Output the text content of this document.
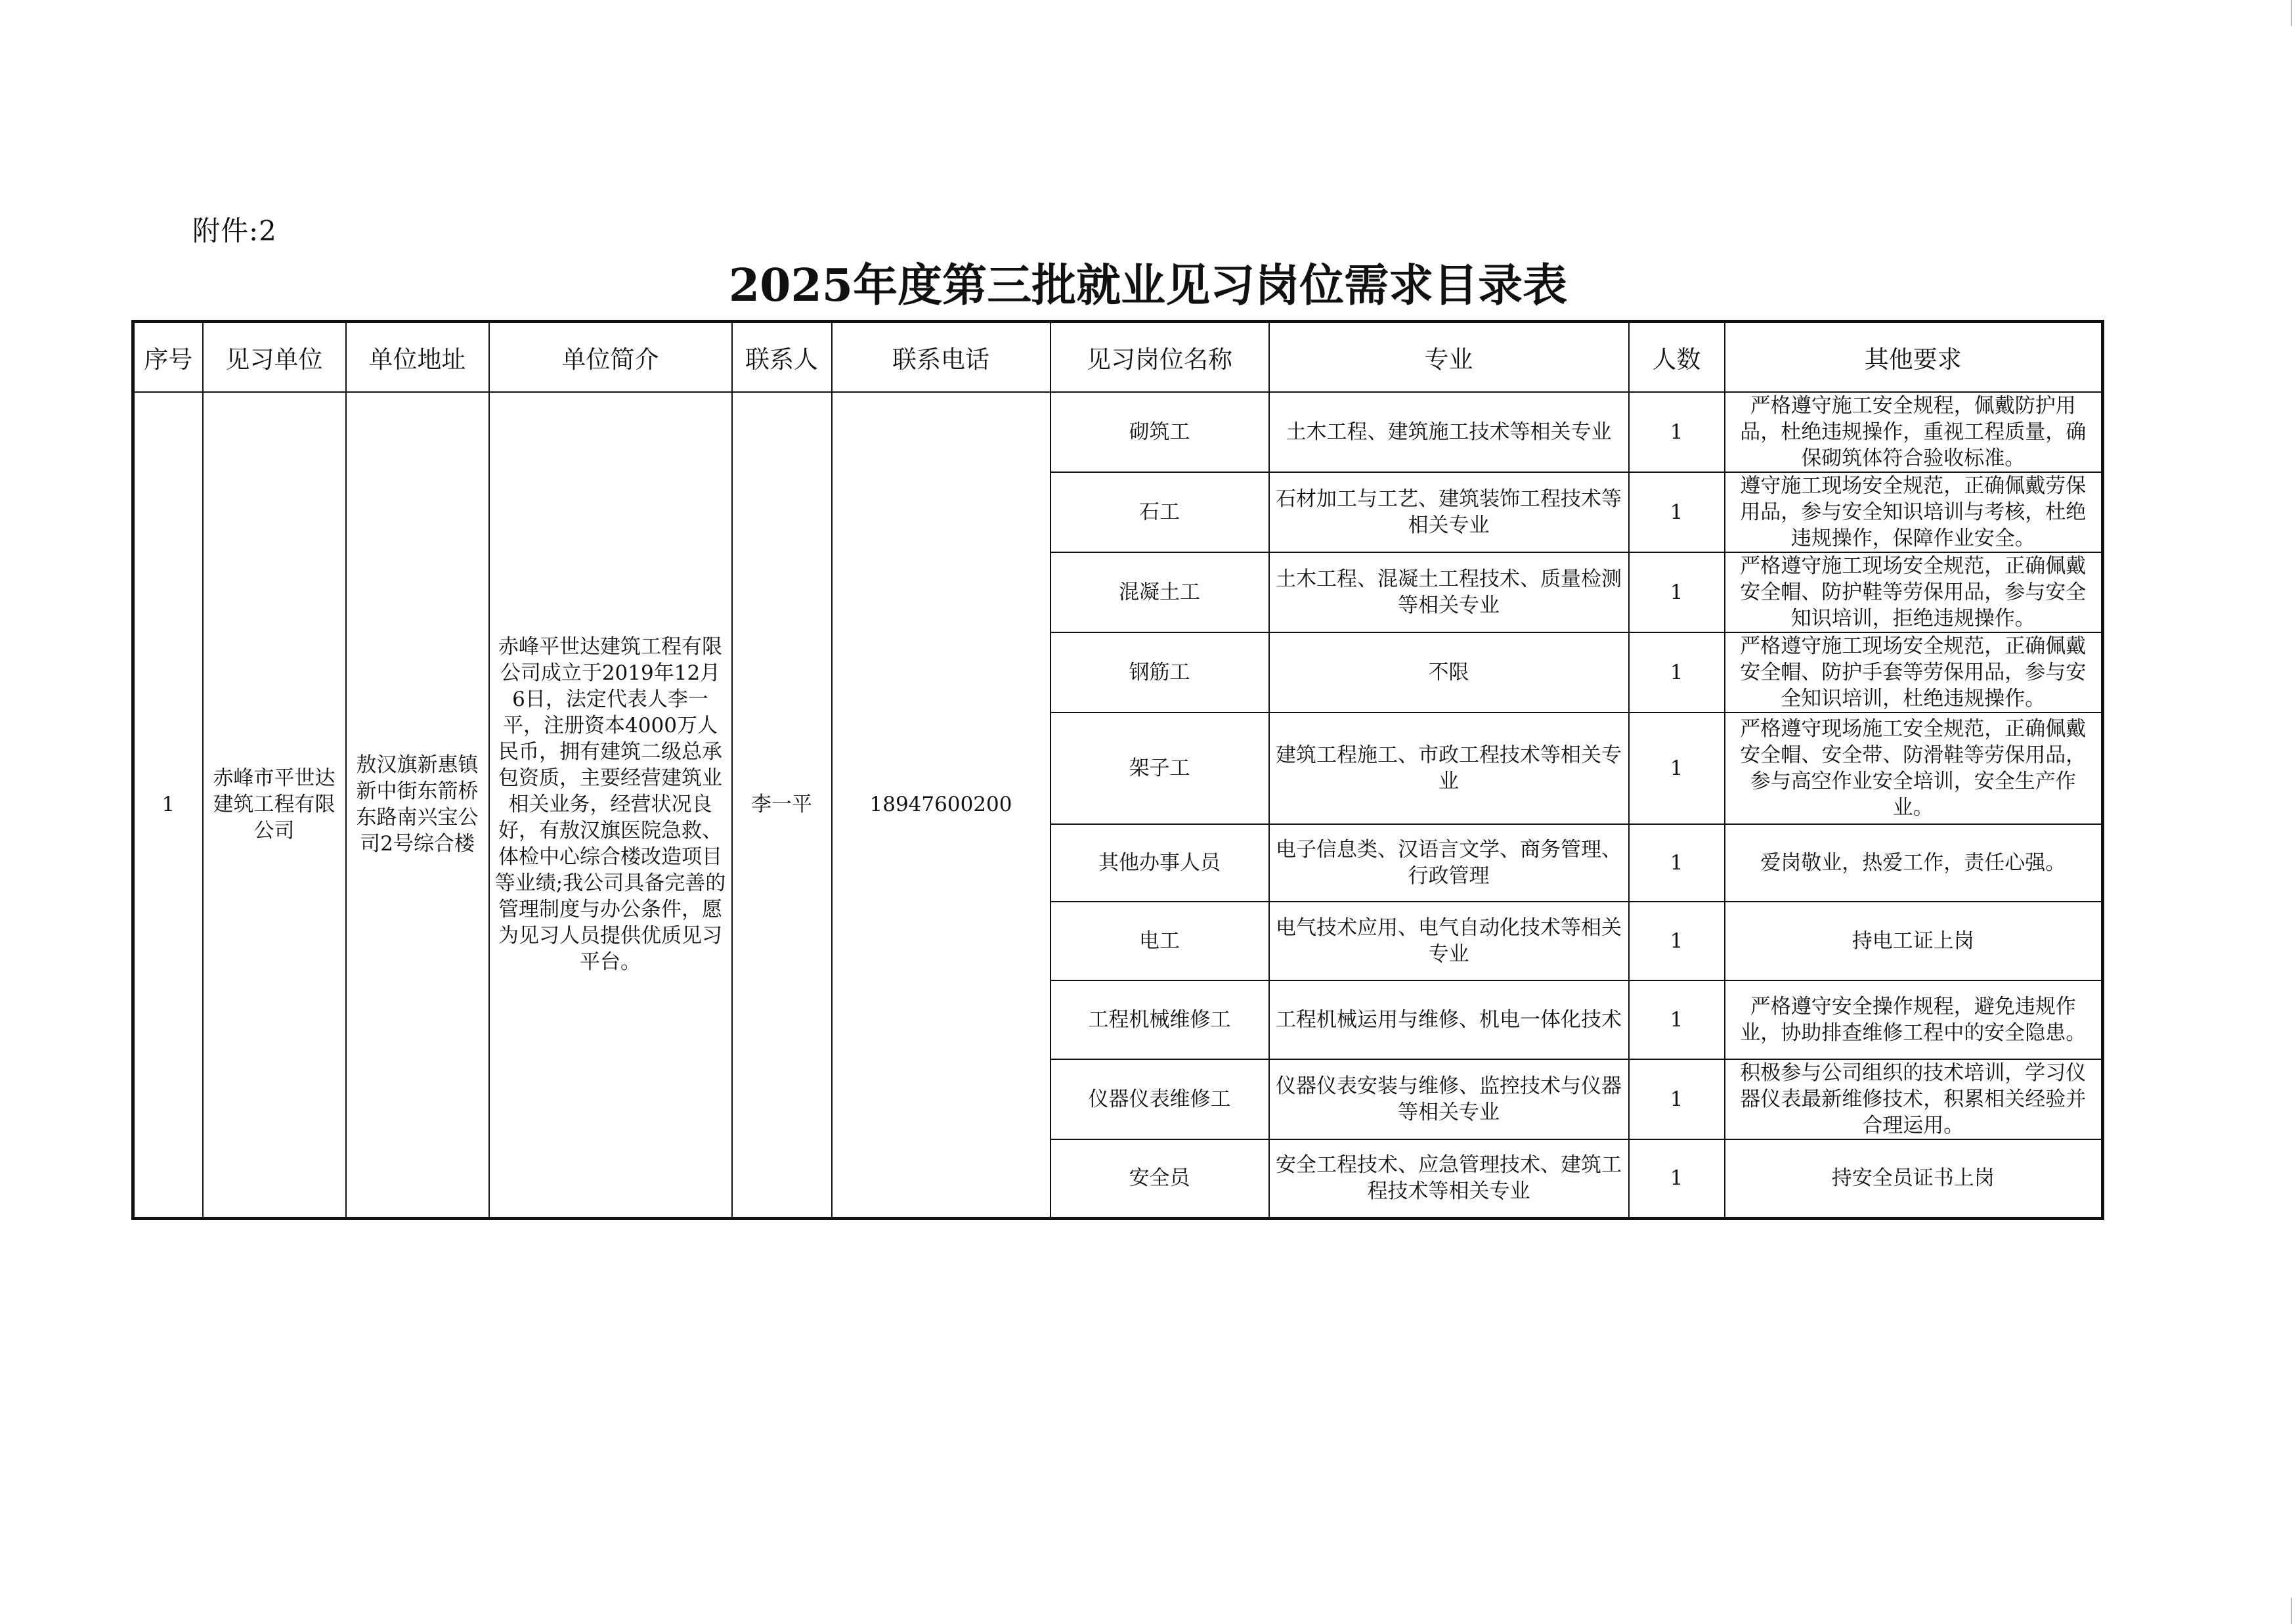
附件:2
2025年度第三批就业见习岗位需求目录表
序号	见习单位	单位地址	单位简介	联系人	联系电话	见习岗位名称	专业	人数	其他要求
1	赤峰市平世达建筑工程有限公司	敖汉旗新惠镇新中街东箭桥东路南兴宝公司2号综合楼	赤峰平世达建筑工程有限公司成立于2019年12月6日，法定代表人李一平，注册资本4000万人民币，拥有建筑二级总承包资质，主要经营建筑业相关业务，经营状况良好，有敖汉旗医院急救、体检中心综合楼改造项目等业绩;我公司具备完善的管理制度与办公条件，愿为见习人员提供优质见习平台。	李一平	18947600200	砌筑工	土木工程、建筑施工技术等相关专业	1	严格遵守施工安全规程，佩戴防护用品，杜绝违规操作，重视工程质量，确保砌筑体符合验收标准。
						石工	石材加工与工艺、建筑装饰工程技术等相关专业	1	遵守施工现场安全规范，正确佩戴劳保用品，参与安全知识培训与考核，杜绝违规操作，保障作业安全。
						混凝土工	土木工程、混凝土工程技术、质量检测等相关专业	1	严格遵守施工现场安全规范，正确佩戴安全帽、防护鞋等劳保用品，参与安全知识培训，拒绝违规操作。
						钢筋工	不限	1	严格遵守施工现场安全规范，正确佩戴安全帽、防护手套等劳保用品，参与安全知识培训，杜绝违规操作。
						架子工	建筑工程施工、市政工程技术等相关专业	1	严格遵守现场施工安全规范，正确佩戴安全帽、安全带、防滑鞋等劳保用品，参与高空作业安全培训，安全生产作业。
						其他办事人员	电子信息类、汉语言文学、商务管理、行政管理	1	爱岗敬业，热爱工作，责任心强。
						电工	电气技术应用、电气自动化技术等相关专业	1	持电工证上岗
						工程机械维修工	工程机械运用与维修、机电一体化技术	1	严格遵守安全操作规程，避免违规作业，协助排查维修工程中的安全隐患。
						仪器仪表维修工	仪器仪表安装与维修、监控技术与仪器等相关专业	1	积极参与公司组织的技术培训，学习仪器仪表最新维修技术，积累相关经验并合理运用。
						安全员	安全工程技术、应急管理技术、建筑工程技术等相关专业	1	持安全员证书上岗
